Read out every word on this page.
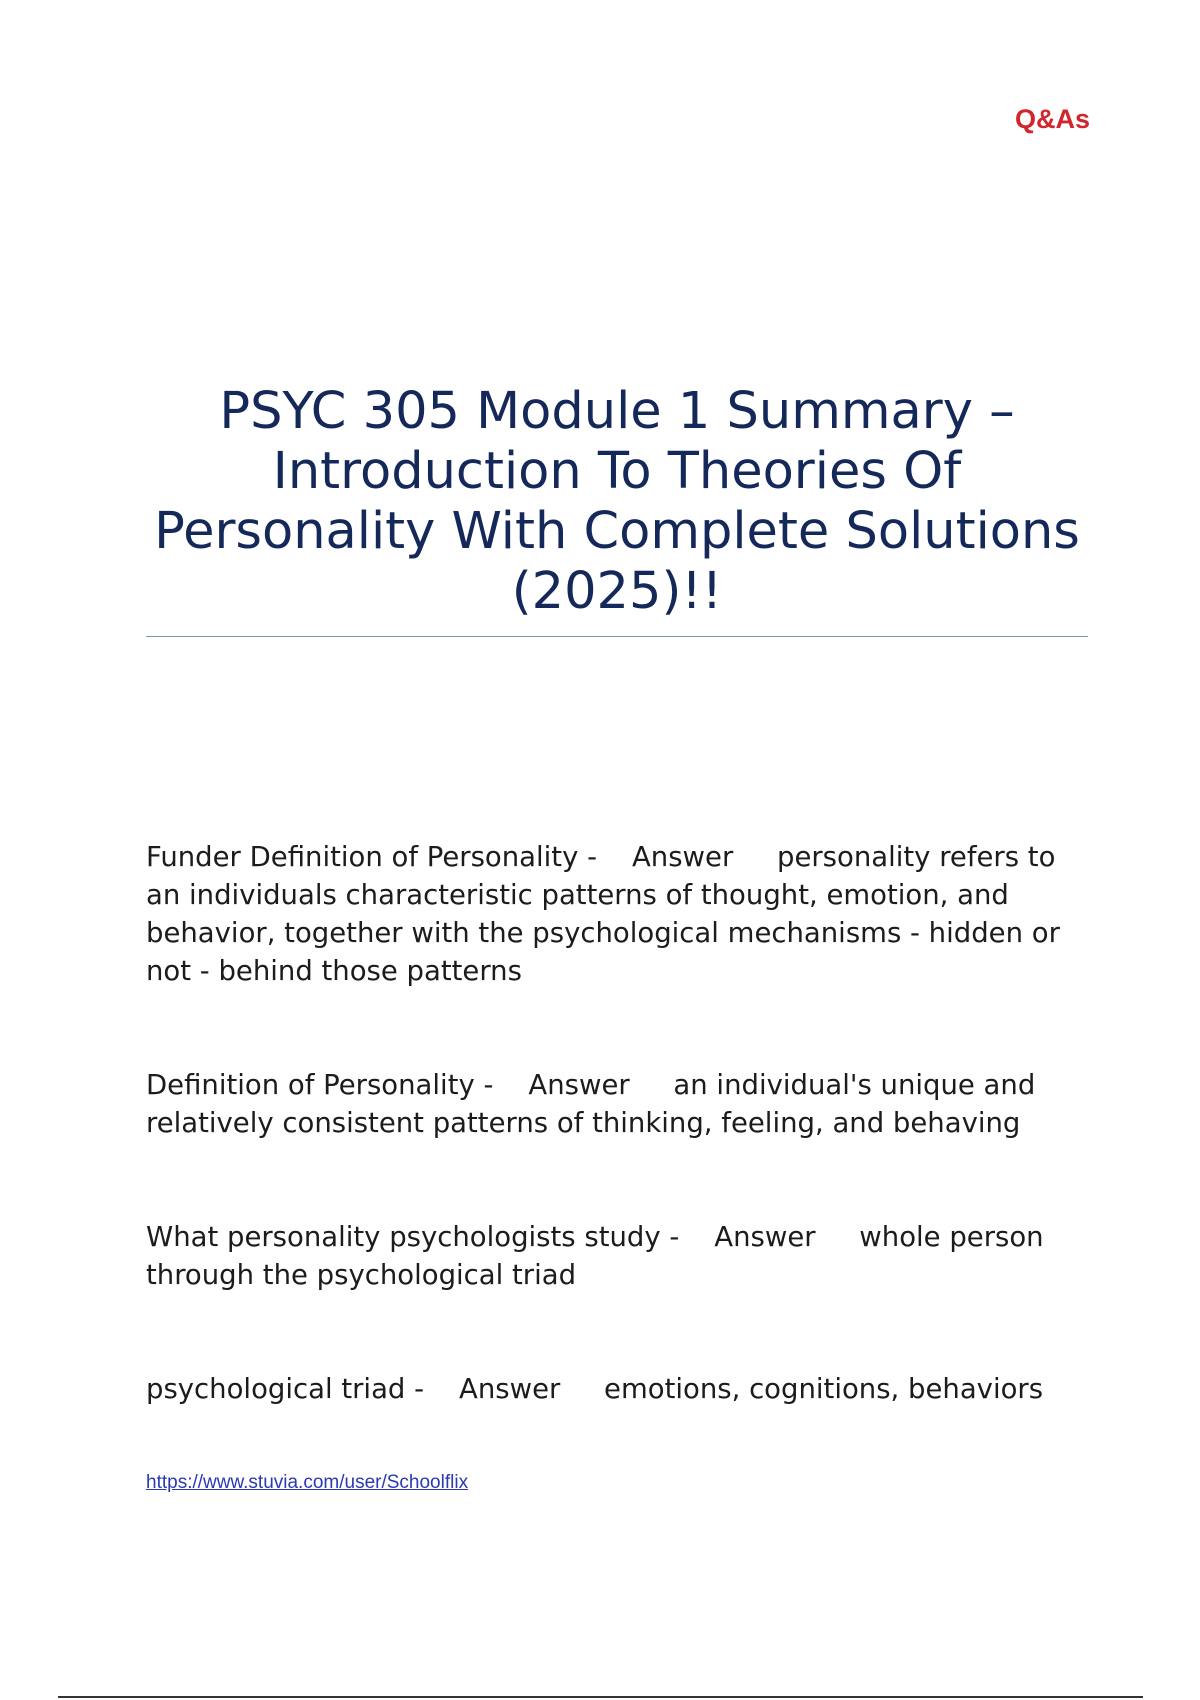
Q&As

PSYC 305 Module 1 Summary – Introduction To Theories Of Personality With Complete Solutions (2025)!!

Funder Definition of Personality - Answer personality refers to an individuals characteristic patterns of thought, emotion, and behavior, together with the psychological mechanisms - hidden or not - behind those patterns

Definition of Personality - Answer an individual's unique and relatively consistent patterns of thinking, feeling, and behaving

What personality psychologists study - Answer whole person through the psychological triad

psychological triad - Answer emotions, cognitions, behaviors

https://www.stuvia.com/user/Schoolflix
